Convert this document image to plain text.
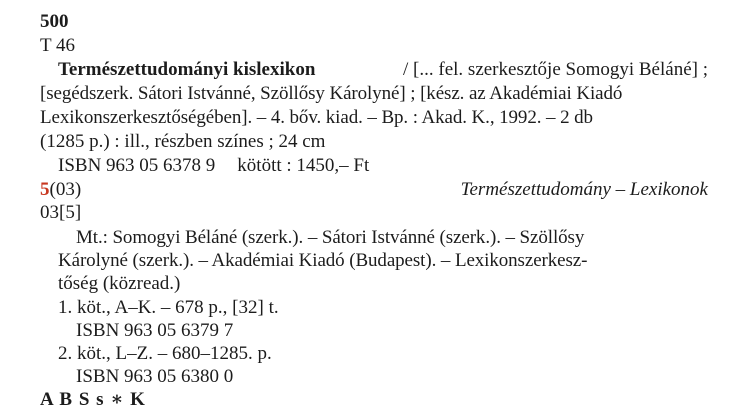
500
T 46
Természettudományi kislexikon	/ [... fel. szerkesztője Somogyi Béláné] ;
[segédszerk. Sátori Istvánné, Szöllősy Károlyné] ; [kész. az Akadémiai Kiadó
Lexikonszerkesztőségében]. – 4. bőv. kiad. – Bp. : Akad. K., 1992. – 2 db
(1285 p.) : ill., részben színes ; 24 cm
ISBN 963 05 6378 9 kötött : 1450,– Ft
5(03)	Természettudomány – Lexikonok
03[5]
Mt.: Somogyi Béláné (szerk.). – Sátori Istvánné (szerk.). – Szöllősy
Károlyné (szerk.). – Akadémiai Kiadó (Budapest). – Lexikonszerkesz-
tőség (közread.)
1. köt., A–K. – 678 p., [32] t.
ISBN 963 05 6379 7
2. köt., L–Z. – 680–1285. p.
ISBN 963 05 6380 0
A B S s ∗ K
